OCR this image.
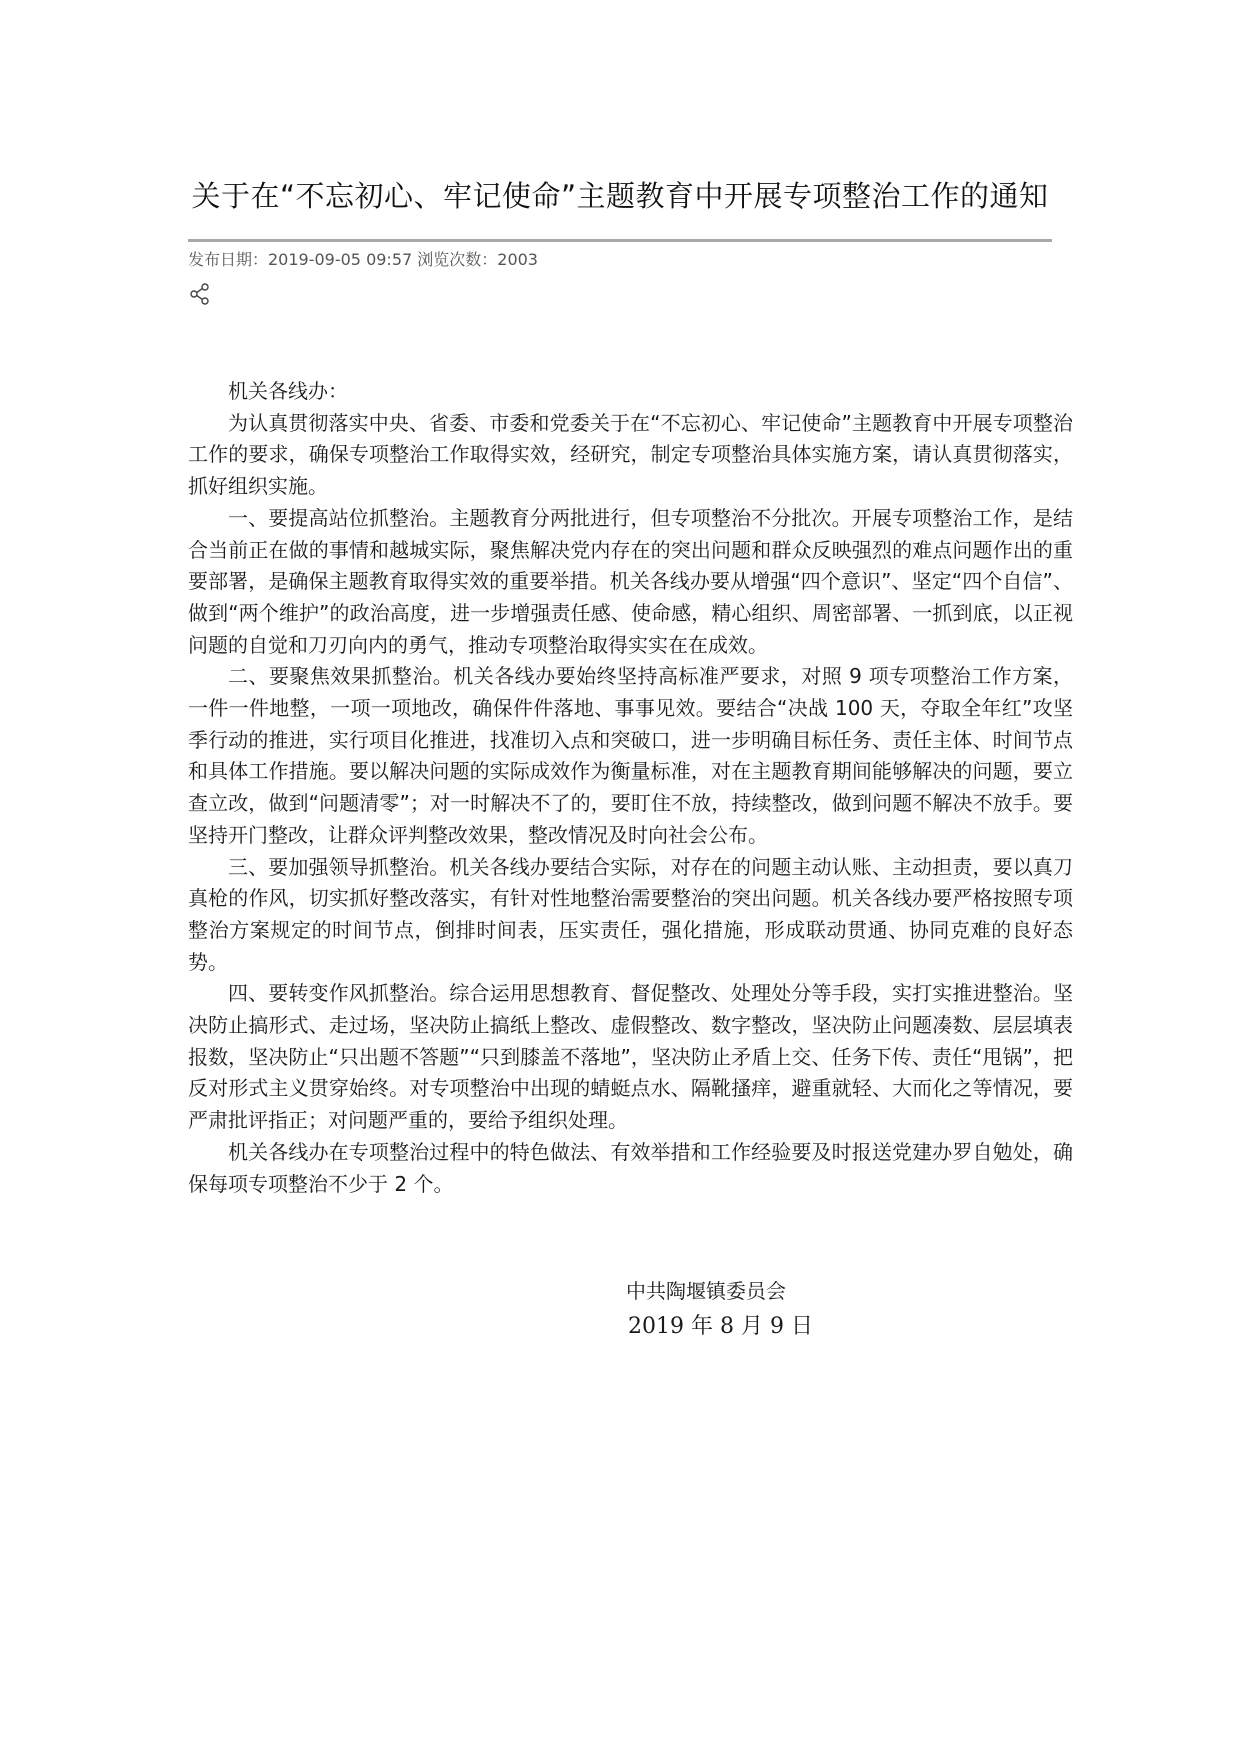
关于在“不忘初心、牢记使命”主题教育中开展专项整治工作的通知
发布日期：2019-09-05 09:57 浏览次数：2003

机关各线办：

为认真贯彻落实中央、省委、市委和党委关于在“不忘初心、牢记使命”主题教育中开展专项整治工作的要求，确保专项整治工作取得实效，经研究，制定专项整治具体实施方案，请认真贯彻落实，抓好组织实施。

一、要提高站位抓整治。主题教育分两批进行，但专项整治不分批次。开展专项整治工作，是结合当前正在做的事情和越城实际，聚焦解决党内存在的突出问题和群众反映强烈的难点问题作出的重要部署，是确保主题教育取得实效的重要举措。机关各线办要从增强“四个意识”、坚定“四个自信”、做到“两个维护”的政治高度，进一步增强责任感、使命感，精心组织、周密部署、一抓到底，以正视问题的自觉和刀刃向内的勇气，推动专项整治取得实实在在成效。

二、要聚焦效果抓整治。机关各线办要始终坚持高标准严要求，对照 9 项专项整治工作方案，一件一件地整，一项一项地改，确保件件落地、事事见效。要结合“决战 100 天，夺取全年红”攻坚季行动的推进，实行项目化推进，找准切入点和突破口，进一步明确目标任务、责任主体、时间节点和具体工作措施。要以解决问题的实际成效作为衡量标准，对在主题教育期间能够解决的问题，要立查立改，做到“问题清零”；对一时解决不了的，要盯住不放，持续整改，做到问题不解决不放手。要坚持开门整改，让群众评判整改效果，整改情况及时向社会公布。

三、要加强领导抓整治。机关各线办要结合实际，对存在的问题主动认账、主动担责，要以真刀真枪的作风，切实抓好整改落实，有针对性地整治需要整治的突出问题。机关各线办要严格按照专项整治方案规定的时间节点，倒排时间表，压实责任，强化措施，形成联动贯通、协同克难的良好态势。

四、要转变作风抓整治。综合运用思想教育、督促整改、处理处分等手段，实打实推进整治。坚决防止搞形式、走过场，坚决防止搞纸上整改、虚假整改、数字整改，坚决防止问题凑数、层层填表报数，坚决防止“只出题不答题”“只到膝盖不落地”，坚决防止矛盾上交、任务下传、责任“甩锅”，把反对形式主义贯穿始终。对专项整治中出现的蜻蜓点水、隔靴搔痒，避重就轻、大而化之等情况，要严肃批评指正；对问题严重的，要给予组织处理。

机关各线办在专项整治过程中的特色做法、有效举措和工作经验要及时报送党建办罗自勉处，确保每项专项整治不少于 2 个。

中共陶堰镇委员会
2019 年 8 月 9 日
